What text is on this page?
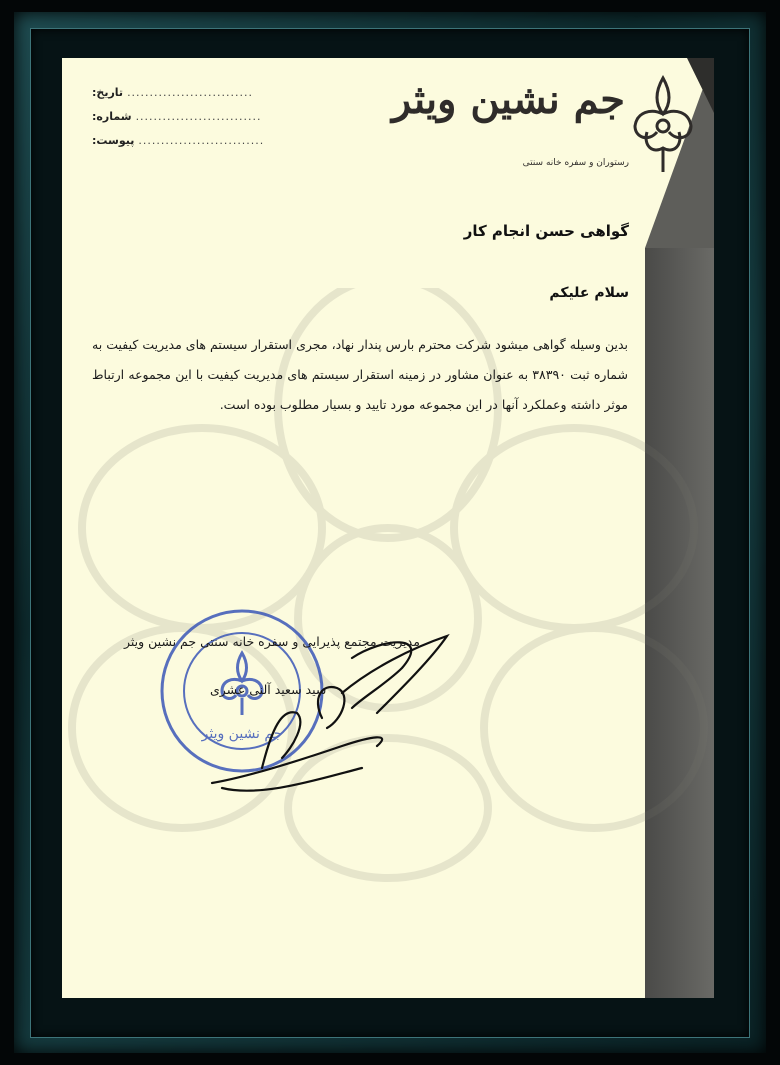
جم نشین ویثر
رستوران و سفره خانه سنتی
تاریخ: ............................
شماره: ............................
پیوست: ............................
گواهی حسن انجام کار
سلام علیکم
بدین وسیله گواهی میشود شرکت محترم بارس پندار نهاد، مجری استقرار سیستم های مدیریت کیفیت به شماره ثبت ۳۸۳۹۰ به عنوان مشاور در زمینه استقرار سیستم های مدیریت کیفیت با این مجموعه ارتباط موثر داشته وعملکرد آنها در این مجموعه مورد تایید و بسیار مطلوب بوده است.
جم نشین ویثر
مدیریت مجتمع پذیرایی و سفره خانه سنتی جم نشین ویثر
سید سعید آلنی عشری
